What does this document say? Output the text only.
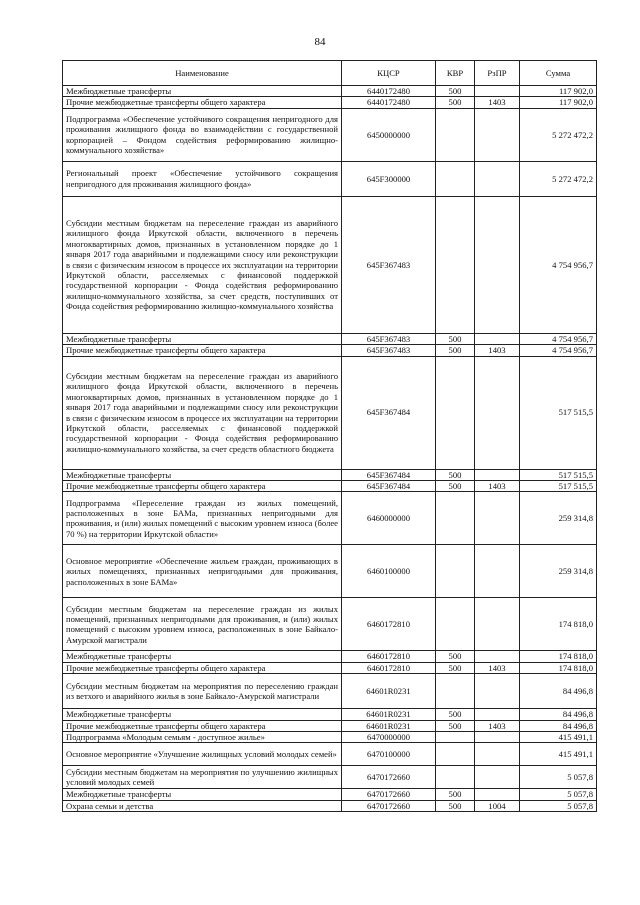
84
Наименование	КЦСР	КВР	РзПР	Сумма
Межбюджетные трансферты	6440172480	500		117 902,0
Прочие межбюджетные трансферты общего характера	6440172480	500	1403	117 902,0
Подпрограмма «Обеспечение устойчивого сокращения непригодного для проживания жилищного фонда во взаимодействии с государственной корпорацией – Фондом содействия реформированию жилищно-коммунального хозяйства»	6450000000			5 272 472,2
Региональный проект «Обеспечение устойчивого сокращения непригодного для проживания жилищного фонда»	645F300000			5 272 472,2
Субсидии местным бюджетам на переселение граждан из аварийного жилищного фонда Иркутской области, включенного в перечень многоквартирных домов, признанных в установленном порядке до 1 января 2017 года аварийными и подлежащими сносу или реконструкции в связи с физическим износом в процессе их эксплуатации на территории Иркутской области, расселяемых с финансовой поддержкой государственной корпорации - Фонда содействия реформированию жилищно-коммунального хозяйства, за счет средств, поступивших от Фонда содействия реформированию жилищно-коммунального хозяйства	645F367483			4 754 956,7
Межбюджетные трансферты	645F367483	500		4 754 956,7
Прочие межбюджетные трансферты общего характера	645F367483	500	1403	4 754 956,7
Субсидии местным бюджетам на переселение граждан из аварийного жилищного фонда Иркутской области, включенного в перечень многоквартирных домов, признанных в установленном порядке до 1 января 2017 года аварийными и подлежащими сносу или реконструкции в связи с физическим износом в процессе их эксплуатации на территории Иркутской области, расселяемых с финансовой поддержкой государственной корпорации - Фонда содействия реформированию жилищно-коммунального хозяйства, за счет средств областного бюджета	645F367484			517 515,5
Межбюджетные трансферты	645F367484	500		517 515,5
Прочие межбюджетные трансферты общего характера	645F367484	500	1403	517 515,5
Подпрограмма «Переселение граждан из жилых помещений, расположенных в зоне БАМа, признанных непригодными для проживания, и (или) жилых помещений с высоким уровнем износа (более 70 %) на территории Иркутской области»	6460000000			259 314,8
Основное мероприятие «Обеспечение жильем граждан, проживающих в жилых помещениях, признанных непригодными для проживания, расположенных в зоне БАМа»	6460100000			259 314,8
Субсидии местным бюджетам на переселение граждан из жилых помещений, признанных непригодными для проживания, и (или) жилых помещений с высоким уровнем износа, расположенных в зоне Байкало-Амурской магистрали	6460172810			174 818,0
Межбюджетные трансферты	6460172810	500		174 818,0
Прочие межбюджетные трансферты общего характера	6460172810	500	1403	174 818,0
Субсидии местным бюджетам на мероприятия по переселению граждан из ветхого и аварийного жилья в зоне Байкало-Амурской магистрали	64601R0231			84 496,8
Межбюджетные трансферты	64601R0231	500		84 496,8
Прочие межбюджетные трансферты общего характера	64601R0231	500	1403	84 496,8
Подпрограмма «Молодым семьям - доступное жилье»	6470000000			415 491,1
Основное мероприятие «Улучшение жилищных условий молодых семей»	6470100000			415 491,1
Субсидии местным бюджетам на мероприятия по улучшению жилищных условий молодых семей	6470172660			5 057,8
Межбюджетные трансферты	6470172660	500		5 057,8
Охрана семьи и детства	6470172660	500	1004	5 057,8
